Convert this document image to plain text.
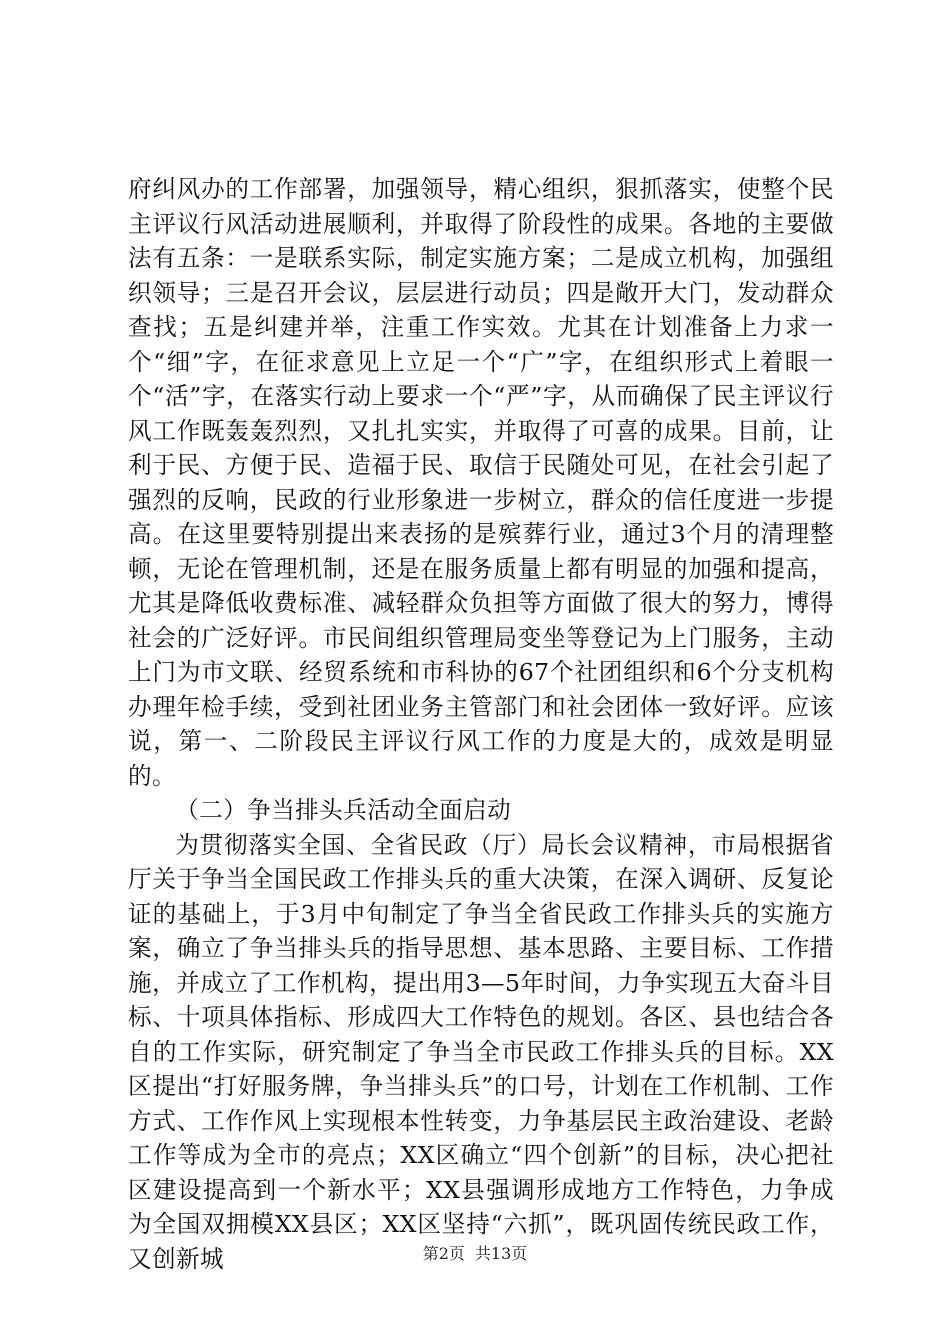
府纠风办的工作部署，加强领导，精心组织，狠抓落实，使整个民主评议行风活动进展顺利，并取得了阶段性的成果。各地的主要做法有五条：一是联系实际，制定实施方案；二是成立机构，加强组织领导；三是召开会议，层层进行动员；四是敞开大门，发动群众查找；五是纠建并举，注重工作实效。尤其在计划准备上力求一个“细”字，在征求意见上立足一个“广”字，在组织形式上着眼一个“活”字，在落实行动上要求一个“严”字，从而确保了民主评议行风工作既轰轰烈烈，又扎扎实实，并取得了可喜的成果。目前，让利于民、方便于民、造福于民、取信于民随处可见，在社会引起了强烈的反响，民政的行业形象进一步树立，群众的信任度进一步提高。在这里要特别提出来表扬的是殡葬行业，通过3个月的清理整顿，无论在管理机制，还是在服务质量上都有明显的加强和提高，尤其是降低收费标准、减轻群众负担等方面做了很大的努力，博得社会的广泛好评。市民间组织管理局变坐等登记为上门服务，主动上门为市文联、经贸系统和市科协的67个社团组织和6个分支机构办理年检手续，受到社团业务主管部门和社会团体一致好评。应该说，第一、二阶段民主评议行风工作的力度是大的，成效是明显的。

（二）争当排头兵活动全面启动

为贯彻落实全国、全省民政（厅）局长会议精神，市局根据省厅关于争当全国民政工作排头兵的重大决策，在深入调研、反复论证的基础上，于3月中旬制定了争当全省民政工作排头兵的实施方案，确立了争当排头兵的指导思想、基本思路、主要目标、工作措施，并成立了工作机构，提出用3—5年时间，力争实现五大奋斗目标、十项具体指标、形成四大工作特色的规划。各区、县也结合各自的工作实际，研究制定了争当全市民政工作排头兵的目标。XX区提出“打好服务牌，争当排头兵”的口号，计划在工作机制、工作方式、工作作风上实现根本性转变，力争基层民主政治建设、老龄工作等成为全市的亮点；XX区确立“四个创新”的目标，决心把社区建设提高到一个新水平；XX县强调形成地方工作特色，力争成为全国双拥模XX县区；XX区坚持“六抓”，既巩固传统民政工作，又创新城	第2页 共13页
